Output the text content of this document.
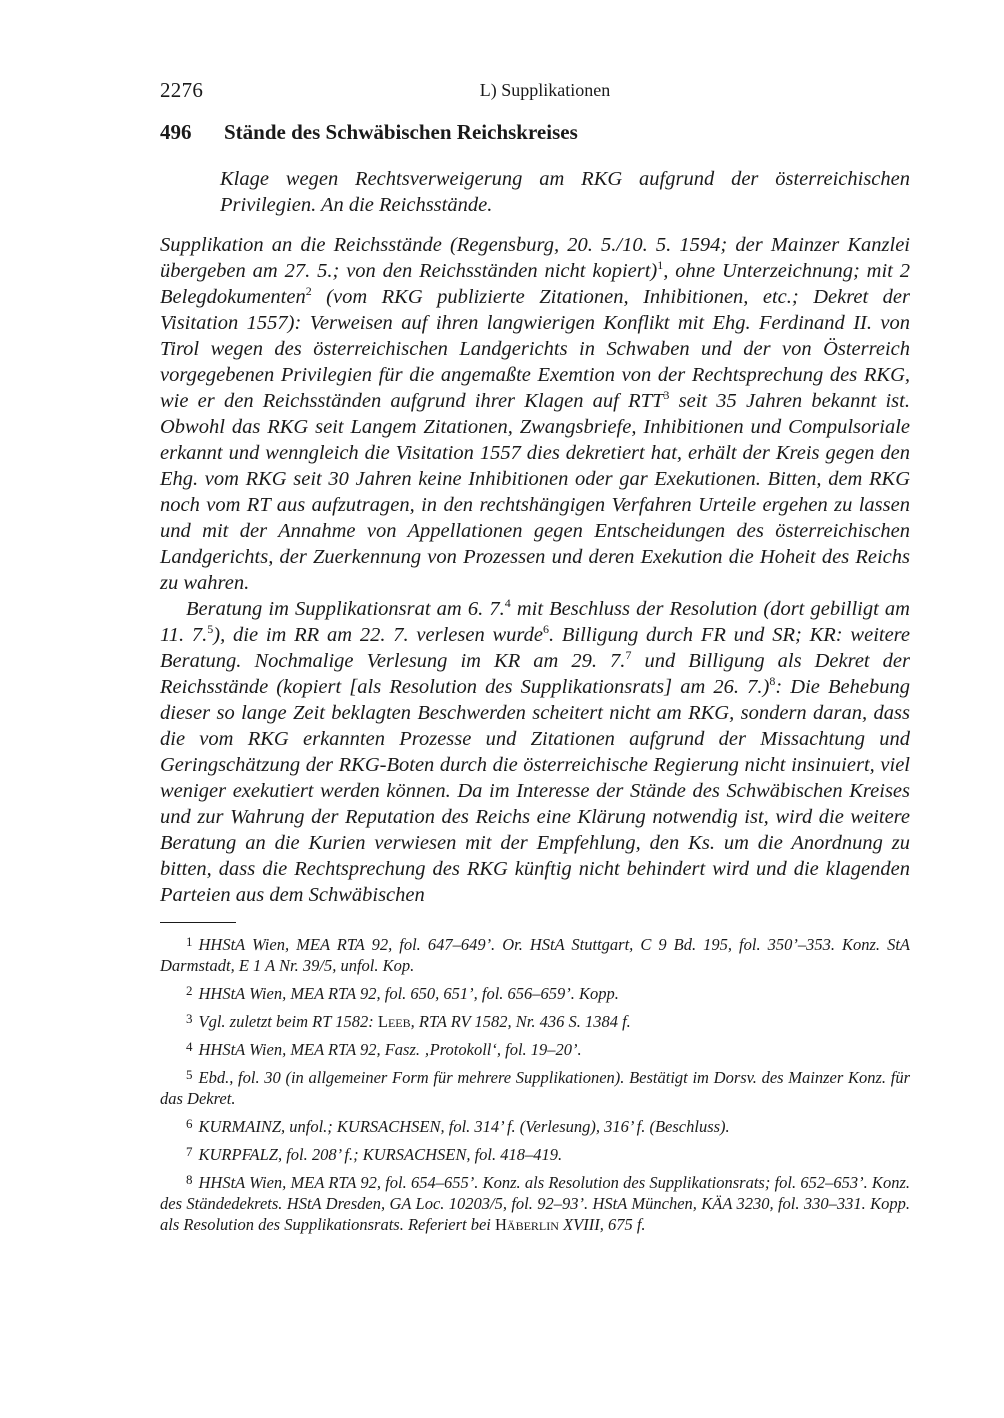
2276	L) Supplikationen
496	Stände des Schwäbischen Reichskreises
Klage wegen Rechtsverweigerung am RKG aufgrund der österreichischen Privilegien. An die Reichsstände.

Supplikation an die Reichsstände (Regensburg, 20. 5./10. 5. 1594; der Mainzer Kanzlei übergeben am 27. 5.; von den Reichsständen nicht kopiert)$^1$, ohne Unterzeichnung; mit 2 Belegdokumenten$^2$ (vom RKG publizierte Zitationen, Inhibitionen, etc.; Dekret der Visitation 1557): Verweisen auf ihren langwierigen Konflikt mit Ehg. Ferdinand II. von Tirol wegen des österreichischen Landgerichts in Schwaben und der von Österreich vorgegebenen Privilegien für die angemaßte Exemtion von der Rechtsprechung des RKG, wie er den Reichsständen aufgrund ihrer Klagen auf RTT$^3$ seit 35 Jahren bekannt ist. Obwohl das RKG seit Langem Zitationen, Zwangsbriefe, Inhibitionen und Compulsoriale erkannt und wenngleich die Visitation 1557 dies dekretiert hat, erhält der Kreis gegen den Ehg. vom RKG seit 30 Jahren keine Inhibitionen oder gar Exekutionen. Bitten, dem RKG noch vom RT aus aufzutragen, in den rechtshängigen Verfahren Urteile ergehen zu lassen und mit der Annahme von Appellationen gegen Entscheidungen des österreichischen Landgerichts, der Zuerkennung von Prozessen und deren Exekution die Hoheit des Reichs zu wahren.

Beratung im Supplikationsrat am 6. 7.$^4$ mit Beschluss der Resolution (dort gebilligt am 11. 7.$^5$), die im RR am 22. 7. verlesen wurde$^6$. Billigung durch FR und SR; KR: weitere Beratung. Nochmalige Verlesung im KR am 29. 7.$^7$ und Billigung als Dekret der Reichsstände (kopiert [als Resolution des Supplikationsrats] am 26. 7.)$^8$: Die Behebung dieser so lange Zeit beklagten Beschwerden scheitert nicht am RKG, sondern daran, dass die vom RKG erkannten Prozesse und Zitationen aufgrund der Missachtung und Geringschätzung der RKG-Boten durch die österreichische Regierung nicht insinuiert, viel weniger exekutiert werden können. Da im Interesse der Stände des Schwäbischen Kreises und zur Wahrung der Reputation des Reichs eine Klärung notwendig ist, wird die weitere Beratung an die Kurien verwiesen mit der Empfehlung, den Ks. um die Anordnung zu bitten, dass die Rechtsprechung des RKG künftig nicht behindert wird und die klagenden Parteien aus dem Schwäbischen

$^1$ HHStA Wien, MEA RTA 92, fol. 647–649’. Or. HStA Stuttgart, C 9 Bd. 195, fol. 350’–353. Konz. StA Darmstadt, E 1 A Nr. 39/5, unfol. Kop.

$^2$ HHStA Wien, MEA RTA 92, fol. 650, 651’, fol. 656–659’. Kopp.

$^3$ Vgl. zuletzt beim RT 1582: Leeb, RTA RV 1582, Nr. 436 S. 1384 f.

$^4$ HHStA Wien, MEA RTA 92, Fasz. ‚Protokoll‘, fol. 19–20’.

$^5$ Ebd., fol. 30 (in allgemeiner Form für mehrere Supplikationen). Bestätigt im Dorsv. des Mainzer Konz. für das Dekret.

$^6$ KURMAINZ, unfol.; KURSACHSEN, fol. 314’ f. (Verlesung), 316’ f. (Beschluss).

$^7$ KURPFALZ, fol. 208’ f.; KURSACHSEN, fol. 418–419.

$^8$ HHStA Wien, MEA RTA 92, fol. 654–655’. Konz. als Resolution des Supplikationsrats; fol. 652–653’. Konz. des Ständedekrets. HStA Dresden, GA Loc. 10203/5, fol. 92–93’. HStA München, KÄA 3230, fol. 330–331. Kopp. als Resolution des Supplikationsrats. Referiert bei Häberlin XVIII, 675 f.
